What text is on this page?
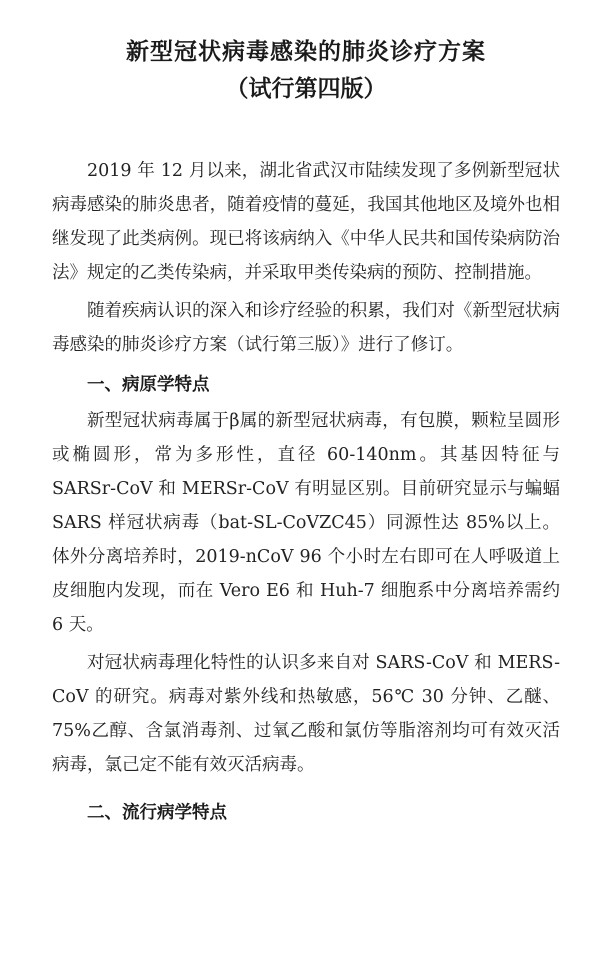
新型冠状病毒感染的肺炎诊疗方案
（试行第四版）

2019 年 12 月以来，湖北省武汉市陆续发现了多例新型冠状病毒感染的肺炎患者，随着疫情的蔓延，我国其他地区及境外也相继发现了此类病例。现已将该病纳入《中华人民共和国传染病防治法》规定的乙类传染病，并采取甲类传染病的预防、控制措施。

随着疾病认识的深入和诊疗经验的积累，我们对《新型冠状病毒感染的肺炎诊疗方案（试行第三版）》进行了修订。

一、病原学特点

新型冠状病毒属于β属的新型冠状病毒，有包膜，颗粒呈圆形或椭圆形，常为多形性，直径 60-140nm。其基因特征与 SARSr-CoV 和 MERSr-CoV 有明显区别。目前研究显示与蝙蝠 SARS 样冠状病毒（bat-SL-CoVZC45）同源性达 85%以上。体外分离培养时，2019-nCoV 96 个小时左右即可在人呼吸道上皮细胞内发现，而在 Vero E6 和 Huh-7 细胞系中分离培养需约 6 天。

对冠状病毒理化特性的认识多来自对 SARS-CoV 和 MERS-CoV 的研究。病毒对紫外线和热敏感，56℃ 30 分钟、乙醚、75%乙醇、含氯消毒剂、过氧乙酸和氯仿等脂溶剂均可有效灭活病毒，氯己定不能有效灭活病毒。

二、流行病学特点
